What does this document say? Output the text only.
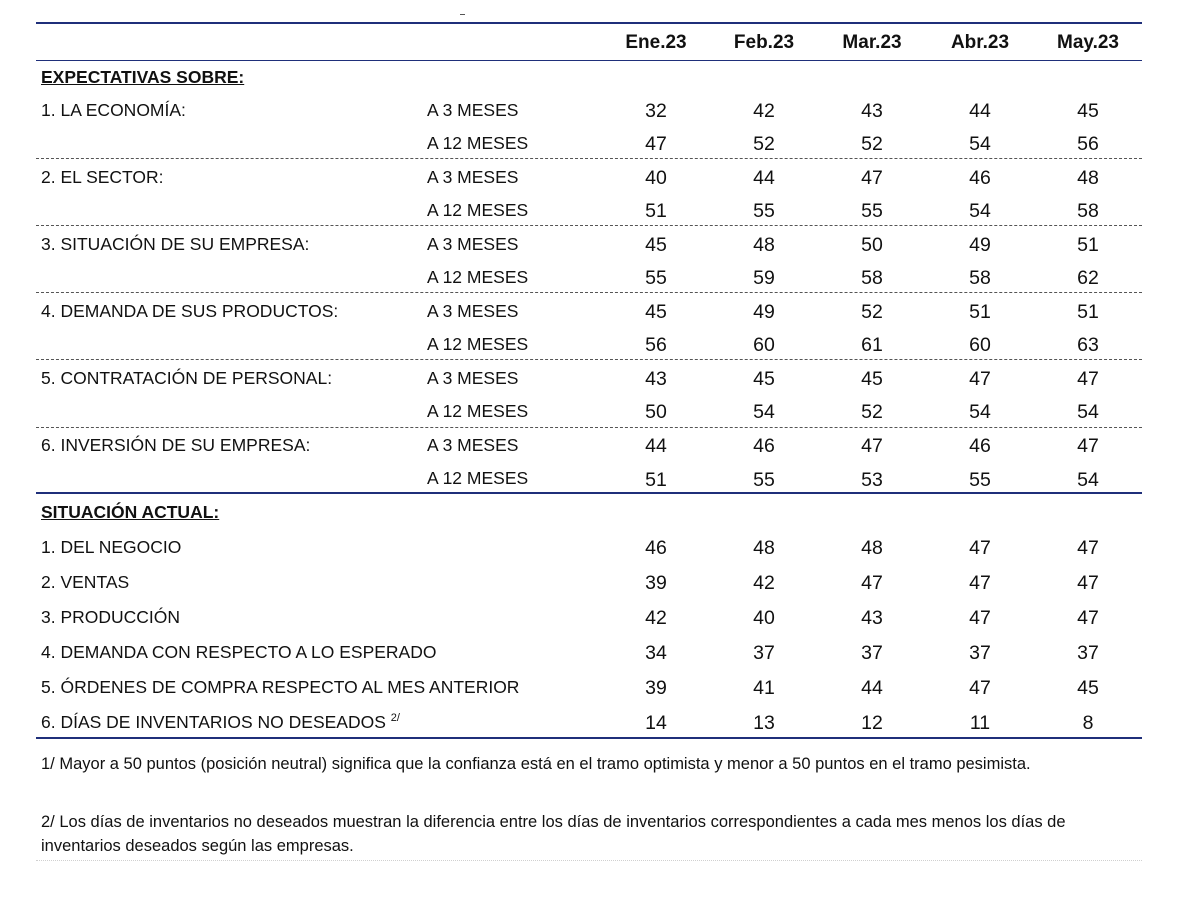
Ene.23	Feb.23	Mar.23	Abr.23	May.23
EXPECTATIVAS SOBRE:
1. LA ECONOMÍA:	A 3 MESES	32	42	43	44	45
A 12 MESES	47	52	52	54	56
2. EL SECTOR:	A 3 MESES	40	44	47	46	48
A 12 MESES	51	55	55	54	58
3. SITUACIÓN DE SU EMPRESA:	A 3 MESES	45	48	50	49	51
A 12 MESES	55	59	58	58	62
4. DEMANDA DE SUS PRODUCTOS:	A 3 MESES	45	49	52	51	51
A 12 MESES	56	60	61	60	63
5. CONTRATACIÓN DE PERSONAL:	A 3 MESES	43	45	45	47	47
A 12 MESES	50	54	52	54	54
6. INVERSIÓN DE SU EMPRESA:	A 3 MESES	44	46	47	46	47
A 12 MESES	51	55	53	55	54
SITUACIÓN ACTUAL:
1. DEL NEGOCIO	46	48	48	47	47
2. VENTAS	39	42	47	47	47
3. PRODUCCIÓN	42	40	43	47	47
4. DEMANDA CON RESPECTO A LO ESPERADO	34	37	37	37	37
5. ÓRDENES DE COMPRA RESPECTO AL MES ANTERIOR	39	41	44	47	45
6. DÍAS DE INVENTARIOS NO DESEADOS $^{2/}$	14	13	12	11	8
1/ Mayor a 50 puntos (posición neutral) significa que la confianza está en el tramo optimista y menor a 50 puntos en el tramo pesimista.
2/ Los días de inventarios no deseados muestran la diferencia entre los días de inventarios correspondientes a cada mes menos los días de inventarios deseados según las empresas.
